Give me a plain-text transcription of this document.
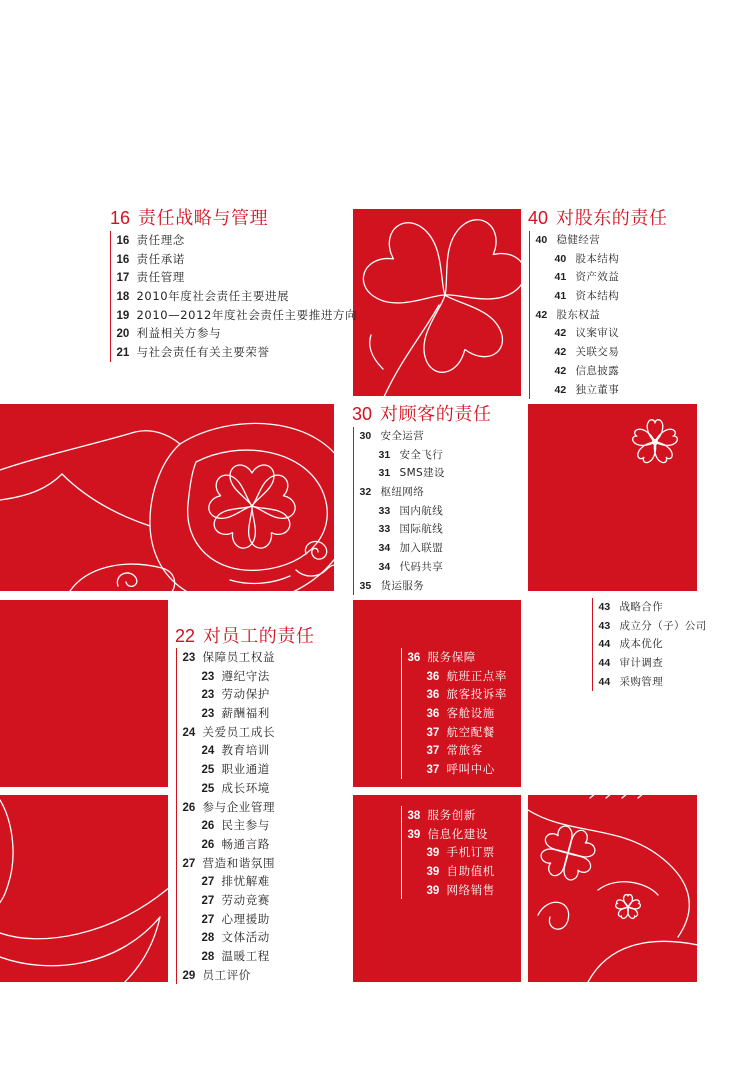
16 责任战略与管理
16 责任理念
16 责任承诺
17 责任管理
18 2010年度社会责任主要进展
19 2010—2012年度社会责任主要推进方向
20 利益相关方参与
21 与社会责任有关主要荣誉
40 对股东的责任
40 稳健经营
40 股本结构
41 资产效益
41 资本结构
42 股东权益
42 议案审议
42 关联交易
42 信息披露
42 独立董事
43 战略合作
43 成立分（子）公司
44 成本优化
44 审计调查
44 采购管理
30 对顾客的责任
30 安全运营
31 安全飞行
31 SMS建设
32 枢纽网络
33 国内航线
33 国际航线
34 加入联盟
34 代码共享
35 货运服务
36 服务保障
36 航班正点率
36 旅客投诉率
36 客舱设施
37 航空配餐
37 常旅客
37 呼叫中心
38 服务创新
39 信息化建设
39 手机订票
39 自助值机
39 网络销售
22 对员工的责任
23 保障员工权益
23 遵纪守法
23 劳动保护
23 薪酬福利
24 关爱员工成长
24 教育培训
25 职业通道
25 成长环境
26 参与企业管理
26 民主参与
26 畅通言路
27 营造和谐氛围
27 排忧解难
27 劳动竞赛
27 心理援助
28 文体活动
28 温暖工程
29 员工评价
